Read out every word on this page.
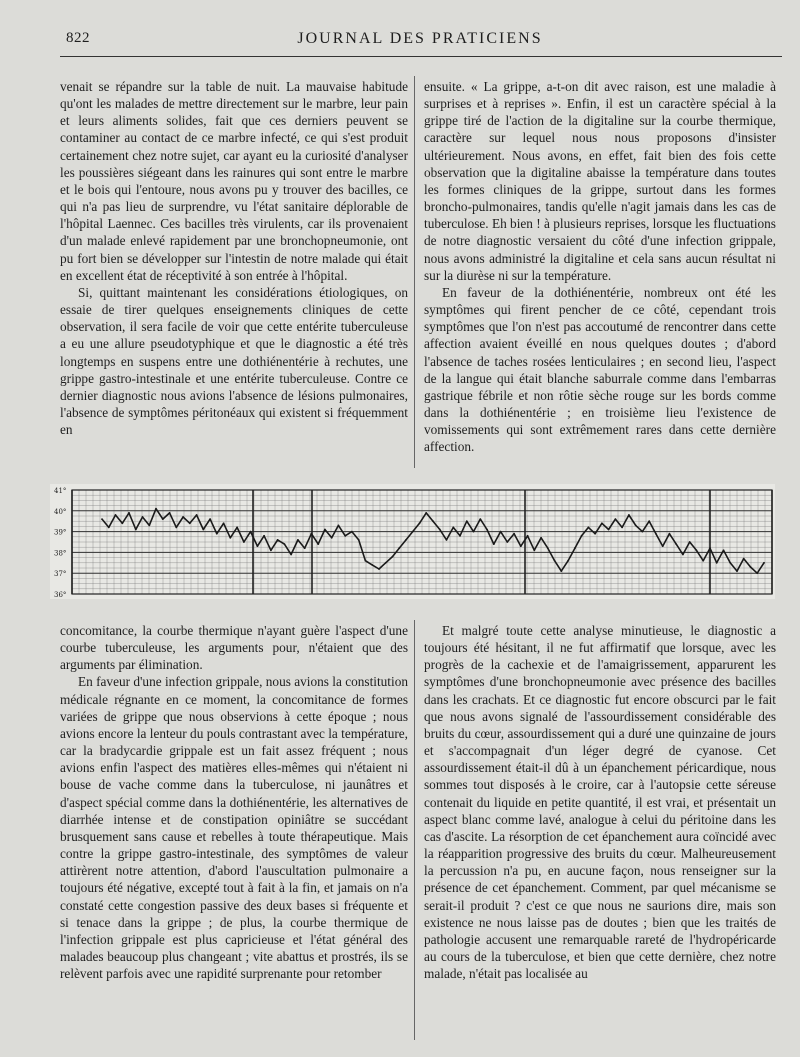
822	JOURNAL DES PRATICIENS

venait se répandre sur la table de nuit. La mauvaise habitude qu'ont les malades de mettre directement sur le marbre, leur pain et leurs aliments solides, fait que ces derniers peuvent se contaminer au contact de ce marbre infecté, ce qui s'est produit certainement chez notre sujet, car ayant eu la curiosité d'analyser les poussières siégeant dans les rainures qui sont entre le marbre et le bois qui l'entoure, nous avons pu y trouver des bacilles, ce qui n'a pas lieu de surprendre, vu l'état sanitaire déplorable de l'hôpital Laennec. Ces bacilles très virulents, car ils provenaient d'un malade enlevé rapidement par une bronchopneumonie, ont pu fort bien se développer sur l'intestin de notre malade qui était en excellent état de réceptivité à son entrée à l'hôpital.

Si, quittant maintenant les considérations étiologiques, on essaie de tirer quelques enseignements cliniques de cette observation, il sera facile de voir que cette entérite tuberculeuse a eu une allure pseudotyphique et que le diagnostic a été très longtemps en suspens entre une dothiénentérie à rechutes, une grippe gastro-intestinale et une entérite tuberculeuse. Contre ce dernier diagnostic nous avions l'absence de lésions pulmonaires, l'absence de symptômes péritonéaux qui existent si fréquemment en

ensuite. « La grippe, a-t-on dit avec raison, est une maladie à surprises et à reprises ». Enfin, il est un caractère spécial à la grippe tiré de l'action de la digitaline sur la courbe thermique, caractère sur lequel nous nous proposons d'insister ultérieurement. Nous avons, en effet, fait bien des fois cette observation que la digitaline abaisse la température dans toutes les formes cliniques de la grippe, surtout dans les formes broncho-pulmonaires, tandis qu'elle n'agit jamais dans les cas de tuberculose. Eh bien ! à plusieurs reprises, lorsque les fluctuations de notre diagnostic versaient du côté d'une infection grippale, nous avons administré la digitaline et cela sans aucun résultat ni sur la diurèse ni sur la température.

En faveur de la dothiénentérie, nombreux ont été les symptômes qui firent pencher de ce côté, cependant trois symptômes que l'on n'est pas accoutumé de rencontrer dans cette affection avaient éveillé en nous quelques doutes ; d'abord l'absence de taches rosées lenticulaires ; en second lieu, l'aspect de la langue qui était blanche saburrale comme dans l'embarras gastrique fébrile et non rôtie sèche rouge sur les bords comme dans la dothiénentérie ; en troisième lieu l'existence de vomissements qui sont extrêmement rares dans cette dernière affection.

41°
40°
39°
38°
37°
36°

concomitance, la courbe thermique n'ayant guère l'aspect d'une courbe tuberculeuse, les arguments pour, n'étaient que des arguments par élimination.

En faveur d'une infection grippale, nous avions la constitution médicale régnante en ce moment, la concomitance de formes variées de grippe que nous observions à cette époque ; nous avions encore la lenteur du pouls contrastant avec la température, car la bradycardie grippale est un fait assez fréquent ; nous avions enfin l'aspect des matières elles-mêmes qui n'étaient ni bouse de vache comme dans la tuberculose, ni jaunâtres et d'aspect spécial comme dans la dothiénentérie, les alternatives de diarrhée intense et de constipation opiniâtre se succédant brusquement sans cause et rebelles à toute thérapeutique. Mais contre la grippe gastro-intestinale, des symptômes de valeur attirèrent notre attention, d'abord l'auscultation pulmonaire a toujours été négative, excepté tout à fait à la fin, et jamais on n'a constaté cette congestion passive des deux bases si fréquente et si tenace dans la grippe ; de plus, la courbe thermique de l'infection grippale est plus capricieuse et l'état général des malades beaucoup plus changeant ; vite abattus et prostrés, ils se relèvent parfois avec une rapidité surprenante pour retomber

Et malgré toute cette analyse minutieuse, le diagnostic a toujours été hésitant, il ne fut affirmatif que lorsque, avec les progrès de la cachexie et de l'amaigrissement, apparurent les symptômes d'une bronchopneumonie avec présence des bacilles dans les crachats. Et ce diagnostic fut encore obscurci par le fait que nous avons signalé de l'assourdissement considérable des bruits du cœur, assourdissement qui a duré une quinzaine de jours et s'accompagnait d'un léger degré de cyanose. Cet assourdissement était-il dû à un épanchement péricardique, nous sommes tout disposés à le croire, car à l'autopsie cette séreuse contenait du liquide en petite quantité, il est vrai, et présentait un aspect blanc comme lavé, analogue à celui du péritoine dans les cas d'ascite. La résorption de cet épanchement aura coïncidé avec la réapparition progressive des bruits du cœur. Malheureusement la percussion n'a pu, en aucune façon, nous renseigner sur la présence de cet épanchement. Comment, par quel mécanisme se serait-il produit ? c'est ce que nous ne saurions dire, mais son existence ne nous laisse pas de doutes ; bien que les traités de pathologie accusent une remarquable rareté de l'hydropéricarde au cours de la tuberculose, et bien que cette dernière, chez notre malade, n'était pas localisée au
